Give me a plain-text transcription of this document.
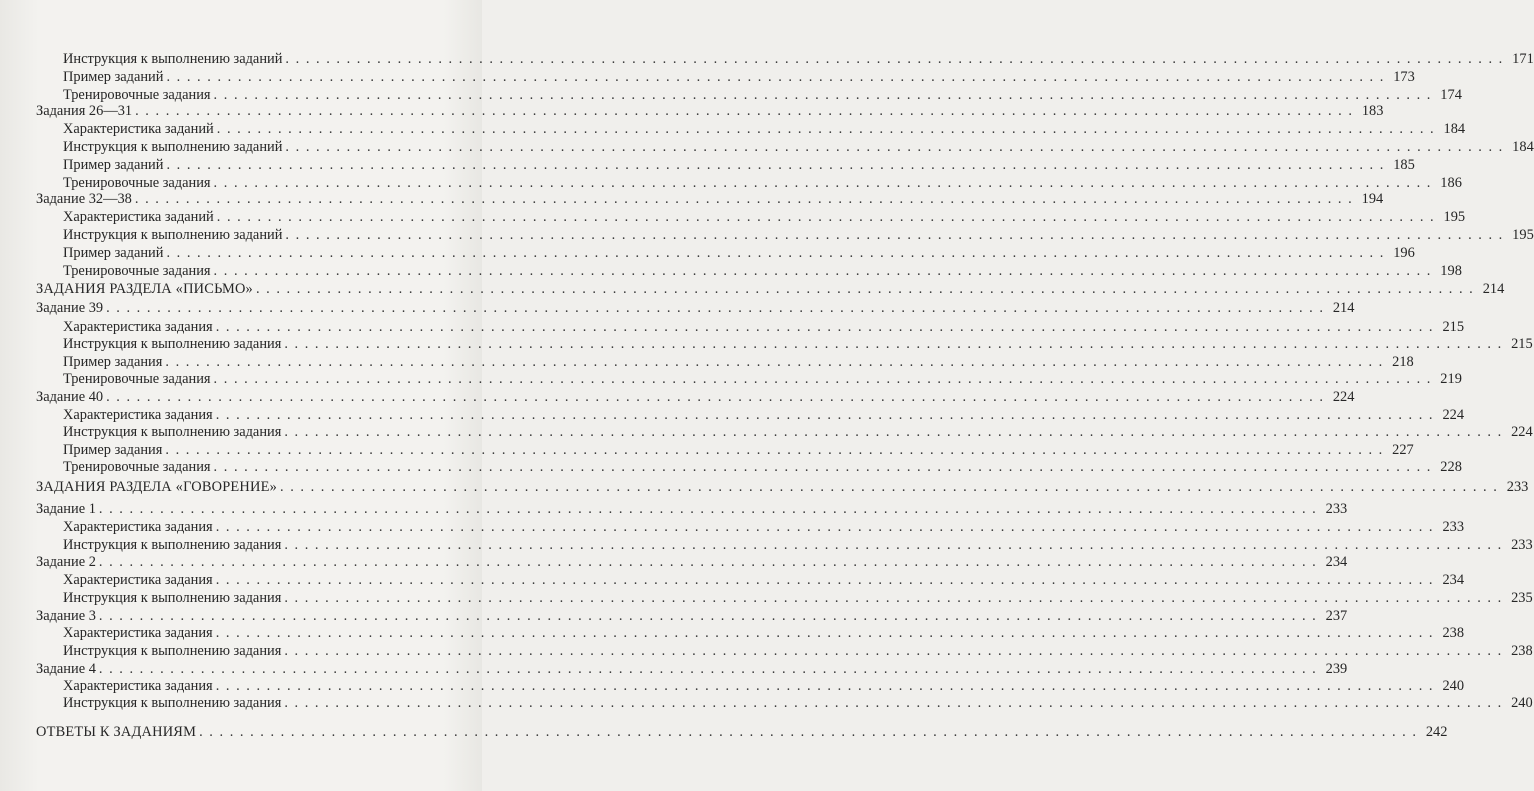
Инструкция к выполнению заданий . . . . . . . . . . . . . . . . . . . . . . . . . . . . . . . . . . . . . . . . . . . . . . . . . . . . . . . . . . . . . . . . . . . . . . . . . . . . . . . . . . . . . . . . . . . . . . . . . . . . . . . . . . . . . . . . . . . . . . . . 171
Пример заданий . . . . . . . . . . . . . . . . . . . . . . . . . . . . . . . . . . . . . . . . . . . . . . . . . . . . . . . . . . . . . . . . . . . . . . . . . . . . . . . . . . . . . . . . . . . . . . . . . . . . . . . . . . . . . . . . . . . . . . . . 173
Тренировочные задания . . . . . . . . . . . . . . . . . . . . . . . . . . . . . . . . . . . . . . . . . . . . . . . . . . . . . . . . . . . . . . . . . . . . . . . . . . . . . . . . . . . . . . . . . . . . . . . . . . . . . . . . . . . . . . . . . . . . . . . . 174
Задания 26—31 . . . . . . . . . . . . . . . . . . . . . . . . . . . . . . . . . . . . . . . . . . . . . . . . . . . . . . . . . . . . . . . . . . . . . . . . . . . . . . . . . . . . . . . . . . . . . . . . . . . . . . . . . . . . . . . . . . . . . . . . 183
Характеристика заданий . . . . . . . . . . . . . . . . . . . . . . . . . . . . . . . . . . . . . . . . . . . . . . . . . . . . . . . . . . . . . . . . . . . . . . . . . . . . . . . . . . . . . . . . . . . . . . . . . . . . . . . . . . . . . . . . . . . . . . . . 184
Инструкция к выполнению заданий . . . . . . . . . . . . . . . . . . . . . . . . . . . . . . . . . . . . . . . . . . . . . . . . . . . . . . . . . . . . . . . . . . . . . . . . . . . . . . . . . . . . . . . . . . . . . . . . . . . . . . . . . . . . . . . . . . . . . . . . 184
Пример заданий . . . . . . . . . . . . . . . . . . . . . . . . . . . . . . . . . . . . . . . . . . . . . . . . . . . . . . . . . . . . . . . . . . . . . . . . . . . . . . . . . . . . . . . . . . . . . . . . . . . . . . . . . . . . . . . . . . . . . . . . 185
Тренировочные задания . . . . . . . . . . . . . . . . . . . . . . . . . . . . . . . . . . . . . . . . . . . . . . . . . . . . . . . . . . . . . . . . . . . . . . . . . . . . . . . . . . . . . . . . . . . . . . . . . . . . . . . . . . . . . . . . . . . . . . . . 186
Задание 32—38 . . . . . . . . . . . . . . . . . . . . . . . . . . . . . . . . . . . . . . . . . . . . . . . . . . . . . . . . . . . . . . . . . . . . . . . . . . . . . . . . . . . . . . . . . . . . . . . . . . . . . . . . . . . . . . . . . . . . . . . . 194
Характеристика заданий . . . . . . . . . . . . . . . . . . . . . . . . . . . . . . . . . . . . . . . . . . . . . . . . . . . . . . . . . . . . . . . . . . . . . . . . . . . . . . . . . . . . . . . . . . . . . . . . . . . . . . . . . . . . . . . . . . . . . . . . 195
Инструкция к выполнению заданий . . . . . . . . . . . . . . . . . . . . . . . . . . . . . . . . . . . . . . . . . . . . . . . . . . . . . . . . . . . . . . . . . . . . . . . . . . . . . . . . . . . . . . . . . . . . . . . . . . . . . . . . . . . . . . . . . . . . . . . . 195
Пример заданий . . . . . . . . . . . . . . . . . . . . . . . . . . . . . . . . . . . . . . . . . . . . . . . . . . . . . . . . . . . . . . . . . . . . . . . . . . . . . . . . . . . . . . . . . . . . . . . . . . . . . . . . . . . . . . . . . . . . . . . . 196
Тренировочные задания . . . . . . . . . . . . . . . . . . . . . . . . . . . . . . . . . . . . . . . . . . . . . . . . . . . . . . . . . . . . . . . . . . . . . . . . . . . . . . . . . . . . . . . . . . . . . . . . . . . . . . . . . . . . . . . . . . . . . . . . 198
ЗАДАНИЯ РАЗДЕЛА «ПИСЬМО» . . . . . . . . . . . . . . . . . . . . . . . . . . . . . . . . . . . . . . . . . . . . . . . . . . . . . . . . . . . . . . . . . . . . . . . . . . . . . . . . . . . . . . . . . . . . . . . . . . . . . . . . . . . . . . . . . . . . . . . . 214
Задание 39 . . . . . . . . . . . . . . . . . . . . . . . . . . . . . . . . . . . . . . . . . . . . . . . . . . . . . . . . . . . . . . . . . . . . . . . . . . . . . . . . . . . . . . . . . . . . . . . . . . . . . . . . . . . . . . . . . . . . . . . . 214
Характеристика задания . . . . . . . . . . . . . . . . . . . . . . . . . . . . . . . . . . . . . . . . . . . . . . . . . . . . . . . . . . . . . . . . . . . . . . . . . . . . . . . . . . . . . . . . . . . . . . . . . . . . . . . . . . . . . . . . . . . . . . . . 215
Инструкция к выполнению задания . . . . . . . . . . . . . . . . . . . . . . . . . . . . . . . . . . . . . . . . . . . . . . . . . . . . . . . . . . . . . . . . . . . . . . . . . . . . . . . . . . . . . . . . . . . . . . . . . . . . . . . . . . . . . . . . . . . . . . . . 215
Пример задания . . . . . . . . . . . . . . . . . . . . . . . . . . . . . . . . . . . . . . . . . . . . . . . . . . . . . . . . . . . . . . . . . . . . . . . . . . . . . . . . . . . . . . . . . . . . . . . . . . . . . . . . . . . . . . . . . . . . . . . . 218
Тренировочные задания . . . . . . . . . . . . . . . . . . . . . . . . . . . . . . . . . . . . . . . . . . . . . . . . . . . . . . . . . . . . . . . . . . . . . . . . . . . . . . . . . . . . . . . . . . . . . . . . . . . . . . . . . . . . . . . . . . . . . . . . 219
Задание 40 . . . . . . . . . . . . . . . . . . . . . . . . . . . . . . . . . . . . . . . . . . . . . . . . . . . . . . . . . . . . . . . . . . . . . . . . . . . . . . . . . . . . . . . . . . . . . . . . . . . . . . . . . . . . . . . . . . . . . . . . 224
Характеристика задания . . . . . . . . . . . . . . . . . . . . . . . . . . . . . . . . . . . . . . . . . . . . . . . . . . . . . . . . . . . . . . . . . . . . . . . . . . . . . . . . . . . . . . . . . . . . . . . . . . . . . . . . . . . . . . . . . . . . . . . . 224
Инструкция к выполнению задания . . . . . . . . . . . . . . . . . . . . . . . . . . . . . . . . . . . . . . . . . . . . . . . . . . . . . . . . . . . . . . . . . . . . . . . . . . . . . . . . . . . . . . . . . . . . . . . . . . . . . . . . . . . . . . . . . . . . . . . . 224
Пример задания . . . . . . . . . . . . . . . . . . . . . . . . . . . . . . . . . . . . . . . . . . . . . . . . . . . . . . . . . . . . . . . . . . . . . . . . . . . . . . . . . . . . . . . . . . . . . . . . . . . . . . . . . . . . . . . . . . . . . . . . 227
Тренировочные задания . . . . . . . . . . . . . . . . . . . . . . . . . . . . . . . . . . . . . . . . . . . . . . . . . . . . . . . . . . . . . . . . . . . . . . . . . . . . . . . . . . . . . . . . . . . . . . . . . . . . . . . . . . . . . . . . . . . . . . . . 228
ЗАДАНИЯ РАЗДЕЛА «ГОВОРЕНИЕ» . . . . . . . . . . . . . . . . . . . . . . . . . . . . . . . . . . . . . . . . . . . . . . . . . . . . . . . . . . . . . . . . . . . . . . . . . . . . . . . . . . . . . . . . . . . . . . . . . . . . . . . . . . . . . . . . . . . . . . . . 233
Задание 1 . . . . . . . . . . . . . . . . . . . . . . . . . . . . . . . . . . . . . . . . . . . . . . . . . . . . . . . . . . . . . . . . . . . . . . . . . . . . . . . . . . . . . . . . . . . . . . . . . . . . . . . . . . . . . . . . . . . . . . . . 233
Характеристика задания . . . . . . . . . . . . . . . . . . . . . . . . . . . . . . . . . . . . . . . . . . . . . . . . . . . . . . . . . . . . . . . . . . . . . . . . . . . . . . . . . . . . . . . . . . . . . . . . . . . . . . . . . . . . . . . . . . . . . . . . 233
Инструкция к выполнению задания . . . . . . . . . . . . . . . . . . . . . . . . . . . . . . . . . . . . . . . . . . . . . . . . . . . . . . . . . . . . . . . . . . . . . . . . . . . . . . . . . . . . . . . . . . . . . . . . . . . . . . . . . . . . . . . . . . . . . . . . 233
Задание 2 . . . . . . . . . . . . . . . . . . . . . . . . . . . . . . . . . . . . . . . . . . . . . . . . . . . . . . . . . . . . . . . . . . . . . . . . . . . . . . . . . . . . . . . . . . . . . . . . . . . . . . . . . . . . . . . . . . . . . . . . 234
Характеристика задания . . . . . . . . . . . . . . . . . . . . . . . . . . . . . . . . . . . . . . . . . . . . . . . . . . . . . . . . . . . . . . . . . . . . . . . . . . . . . . . . . . . . . . . . . . . . . . . . . . . . . . . . . . . . . . . . . . . . . . . . 234
Инструкция к выполнению задания . . . . . . . . . . . . . . . . . . . . . . . . . . . . . . . . . . . . . . . . . . . . . . . . . . . . . . . . . . . . . . . . . . . . . . . . . . . . . . . . . . . . . . . . . . . . . . . . . . . . . . . . . . . . . . . . . . . . . . . . 235
Задание 3 . . . . . . . . . . . . . . . . . . . . . . . . . . . . . . . . . . . . . . . . . . . . . . . . . . . . . . . . . . . . . . . . . . . . . . . . . . . . . . . . . . . . . . . . . . . . . . . . . . . . . . . . . . . . . . . . . . . . . . . . 237
Характеристика задания . . . . . . . . . . . . . . . . . . . . . . . . . . . . . . . . . . . . . . . . . . . . . . . . . . . . . . . . . . . . . . . . . . . . . . . . . . . . . . . . . . . . . . . . . . . . . . . . . . . . . . . . . . . . . . . . . . . . . . . . 238
Инструкция к выполнению задания . . . . . . . . . . . . . . . . . . . . . . . . . . . . . . . . . . . . . . . . . . . . . . . . . . . . . . . . . . . . . . . . . . . . . . . . . . . . . . . . . . . . . . . . . . . . . . . . . . . . . . . . . . . . . . . . . . . . . . . . 238
Задание 4 . . . . . . . . . . . . . . . . . . . . . . . . . . . . . . . . . . . . . . . . . . . . . . . . . . . . . . . . . . . . . . . . . . . . . . . . . . . . . . . . . . . . . . . . . . . . . . . . . . . . . . . . . . . . . . . . . . . . . . . . 239
Характеристика задания . . . . . . . . . . . . . . . . . . . . . . . . . . . . . . . . . . . . . . . . . . . . . . . . . . . . . . . . . . . . . . . . . . . . . . . . . . . . . . . . . . . . . . . . . . . . . . . . . . . . . . . . . . . . . . . . . . . . . . . . 240
Инструкция к выполнению задания . . . . . . . . . . . . . . . . . . . . . . . . . . . . . . . . . . . . . . . . . . . . . . . . . . . . . . . . . . . . . . . . . . . . . . . . . . . . . . . . . . . . . . . . . . . . . . . . . . . . . . . . . . . . . . . . . . . . . . . . 240
ОТВЕТЫ К ЗАДАНИЯМ . . . . . . . . . . . . . . . . . . . . . . . . . . . . . . . . . . . . . . . . . . . . . . . . . . . . . . . . . . . . . . . . . . . . . . . . . . . . . . . . . . . . . . . . . . . . . . . . . . . . . . . . . . . . . . . . . . . . . . . . 242
